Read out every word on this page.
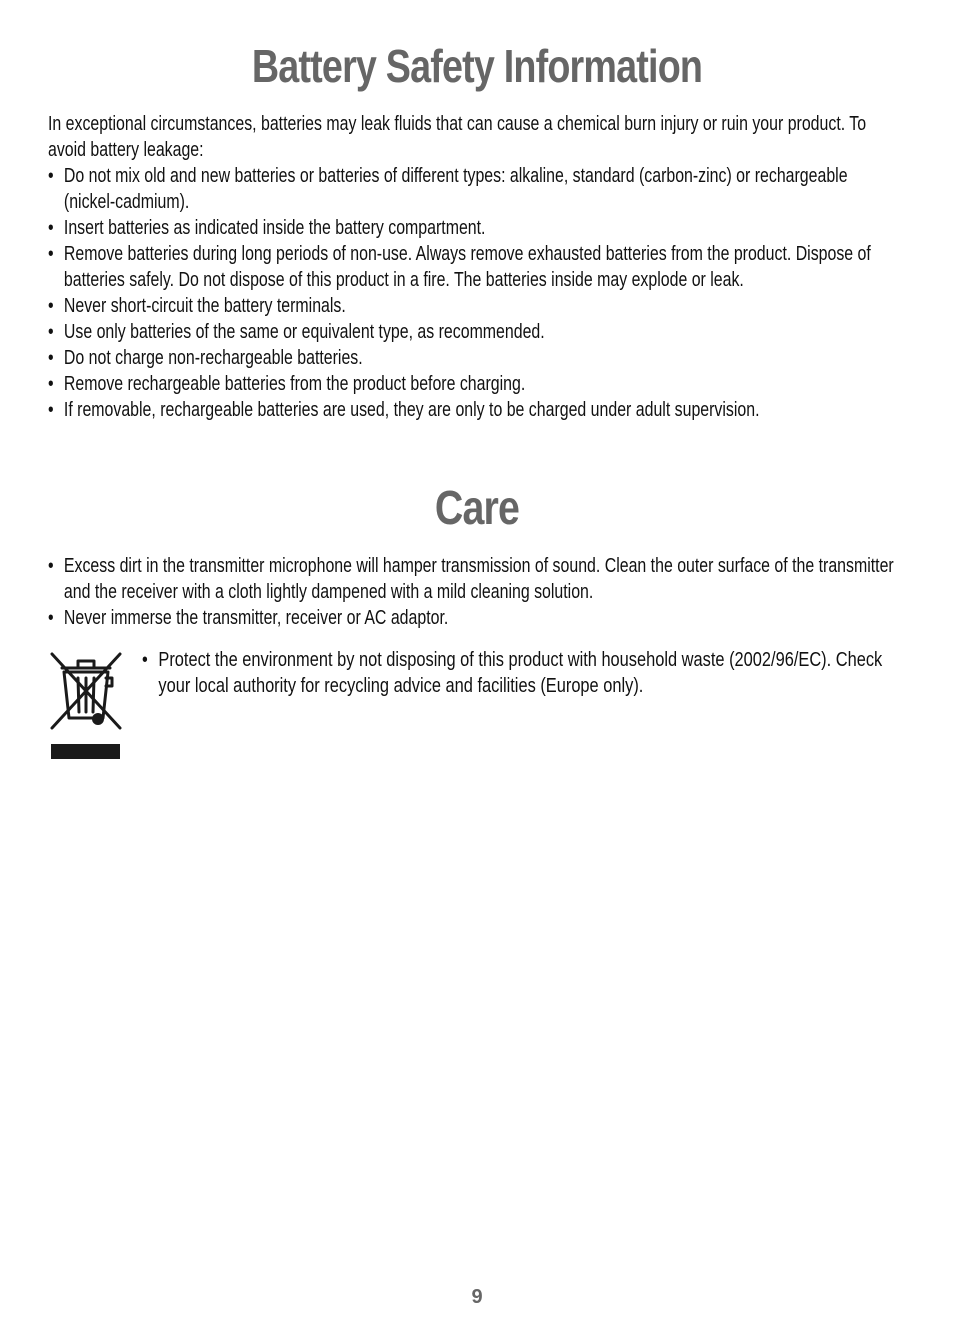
Battery Safety Information

In exceptional circumstances, batteries may leak fluids that can cause a chemical burn injury or ruin your product. To avoid battery leakage:

• Do not mix old and new batteries or batteries of different types: alkaline, standard (carbon-zinc) or rechargeable (nickel-cadmium).
• Insert batteries as indicated inside the battery compartment.
• Remove batteries during long periods of non-use. Always remove exhausted batteries from the product. Dispose of batteries safely. Do not dispose of this product in a fire. The batteries inside may explode or leak.
• Never short-circuit the battery terminals.
• Use only batteries of the same or equivalent type, as recommended.
• Do not charge non-rechargeable batteries.
• Remove rechargeable batteries from the product before charging.
• If removable, rechargeable batteries are used, they are only to be charged under adult supervision.
Care
• Excess dirt in the transmitter microphone will hamper transmission of sound. Clean the outer surface of the transmitter and the receiver with a cloth lightly dampened with a mild cleaning solution.
• Never immerse the transmitter, receiver or AC adaptor.
• Protect the environment by not disposing of this product with household waste (2002/96/EC). Check your local authority for recycling advice and facilities (Europe only).
9
